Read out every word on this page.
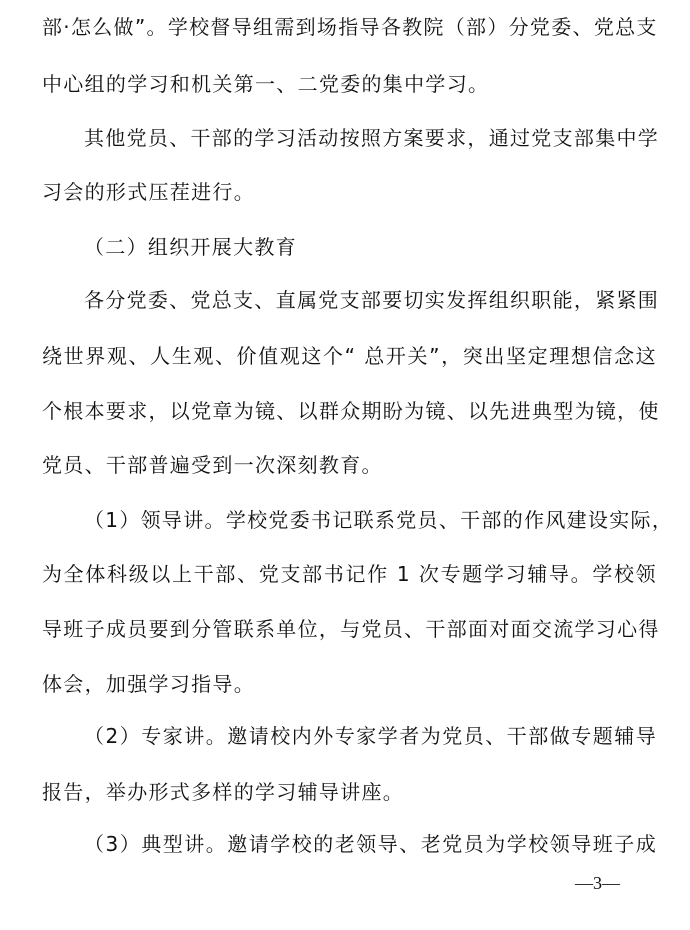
部·怎么做”。学校督导组需到场指导各教院（部）分党委、党总支
中心组的学习和机关第一、二党委的集中学习。
其他党员、干部的学习活动按照方案要求，通过党支部集中学
习会的形式压茬进行。
（二）组织开展大教育
各分党委、党总支、直属党支部要切实发挥组织职能，紧紧围
绕世界观、人生观、价值观这个“ 总开关”，突出坚定理想信念这
个根本要求，以党章为镜、以群众期盼为镜、以先进典型为镜，使
党员、干部普遍受到一次深刻教育。
（1）领导讲。学校党委书记联系党员、干部的作风建设实际，
为全体科级以上干部、党支部书记作 1 次专题学习辅导。学校领
导班子成员要到分管联系单位，与党员、干部面对面交流学习心得
体会，加强学习指导。
（2）专家讲。邀请校内外专家学者为党员、干部做专题辅导
报告，举办形式多样的学习辅导讲座。
（3）典型讲。邀请学校的老领导、老党员为学校领导班子成
—3—
